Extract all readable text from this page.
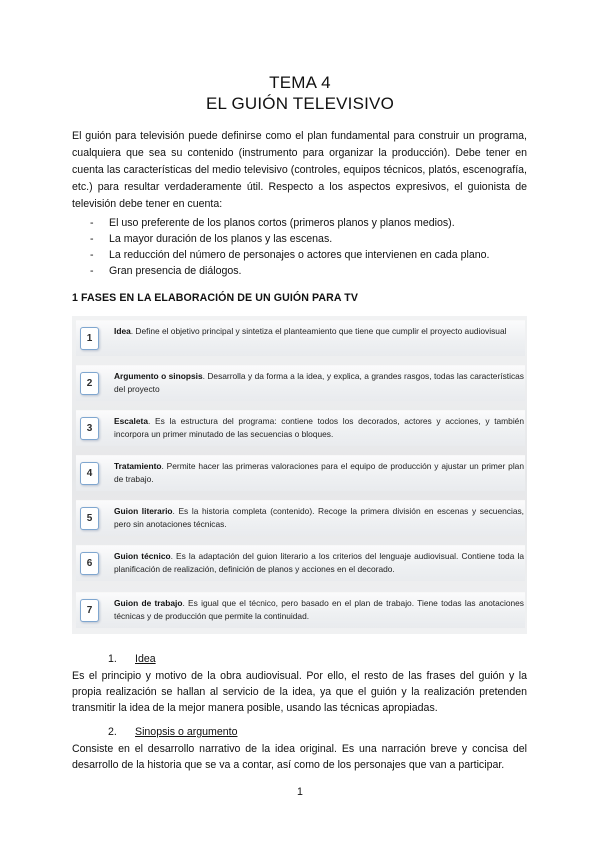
TEMA 4
EL GUIÓN TELEVISIVO
El guión para televisión puede definirse como el plan fundamental para construir un programa, cualquiera que sea su contenido (instrumento para organizar la producción). Debe tener en cuenta las características del medio televisivo (controles, equipos técnicos, platós, escenografía, etc.) para resultar verdaderamente útil. Respecto a los aspectos expresivos, el guionista de televisión debe tener en cuenta:
- El uso preferente de los planos cortos (primeros planos y planos medios).
- La mayor duración de los planos y las escenas.
- La reducción del número de personajes o actores que intervienen en cada plano.
- Gran presencia de diálogos.
1 FASES EN LA ELABORACIÓN DE UN GUIÓN PARA TV
1
Idea. Define el objetivo principal y sintetiza el planteamiento que tiene que cumplir el proyecto audiovisual
2
Argumento o sinopsis. Desarrolla y da forma a la idea, y explica, a grandes rasgos, todas las características del proyecto
3
Escaleta. Es la estructura del programa: contiene todos los decorados, actores y acciones, y también incorpora un primer minutado de las secuencias o bloques.
4
Tratamiento. Permite hacer las primeras valoraciones para el equipo de producción y ajustar un primer plan de trabajo.
5
Guion literario. Es la historia completa (contenido). Recoge la primera división en escenas y secuencias, pero sin anotaciones técnicas.
6
Guion técnico. Es la adaptación del guion literario a los criterios del lenguaje audiovisual. Contiene toda la planificación de realización, definición de planos y acciones en el decorado.
7
Guion de trabajo. Es igual que el técnico, pero basado en el plan de trabajo. Tiene todas las anotaciones técnicas y de producción que permite la continuidad.
1. Idea
Es el principio y motivo de la obra audiovisual. Por ello, el resto de las frases del guión y la propia realización se hallan al servicio de la idea, ya que el guión y la realización pretenden transmitir la idea de la mejor manera posible, usando las técnicas apropiadas.
2. Sinopsis o argumento
Consiste en el desarrollo narrativo de la idea original. Es una narración breve y concisa del desarrollo de la historia que se va a contar, así como de los personajes que van a participar.
1
